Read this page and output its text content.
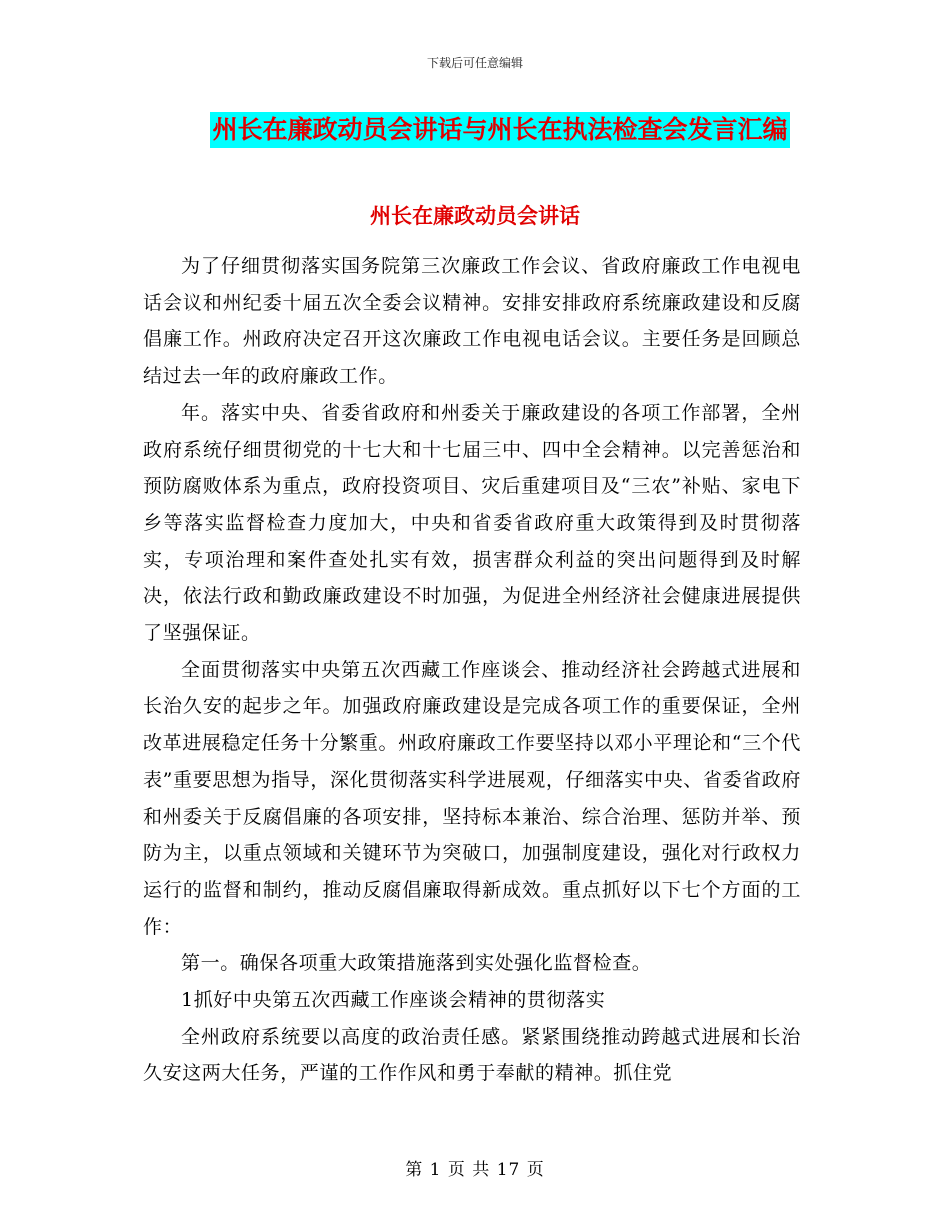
下载后可任意编辑
州长在廉政动员会讲话与州长在执法检查会发言汇编
州长在廉政动员会讲话

为了仔细贯彻落实国务院第三次廉政工作会议、省政府廉政工作电视电话会议和州纪委十届五次全委会议精神。安排安排政府系统廉政建设和反腐倡廉工作。州政府决定召开这次廉政工作电视电话会议。主要任务是回顾总结过去一年的政府廉政工作。

年。落实中央、省委省政府和州委关于廉政建设的各项工作部署，全州政府系统仔细贯彻党的十七大和十七届三中、四中全会精神。以完善惩治和预防腐败体系为重点，政府投资项目、灾后重建项目及“三农”补贴、家电下乡等落实监督检查力度加大，中央和省委省政府重大政策得到及时贯彻落实，专项治理和案件查处扎实有效，损害群众利益的突出问题得到及时解决，依法行政和勤政廉政建设不时加强，为促进全州经济社会健康进展提供了坚强保证。

全面贯彻落实中央第五次西藏工作座谈会、推动经济社会跨越式进展和长治久安的起步之年。加强政府廉政建设是完成各项工作的重要保证，全州改革进展稳定任务十分繁重。州政府廉政工作要坚持以邓小平理论和“三个代表”重要思想为指导，深化贯彻落实科学进展观，仔细落实中央、省委省政府和州委关于反腐倡廉的各项安排，坚持标本兼治、综合治理、惩防并举、预防为主，以重点领域和关键环节为突破口，加强制度建设，强化对行政权力运行的监督和制约，推动反腐倡廉取得新成效。重点抓好以下七个方面的工作：

第一。确保各项重大政策措施落到实处强化监督检查。

1抓好中央第五次西藏工作座谈会精神的贯彻落实

全州政府系统要以高度的政治责任感。紧紧围绕推动跨越式进展和长治久安这两大任务，严谨的工作作风和勇于奉献的精神。抓住党

第 1 页 共 17 页
